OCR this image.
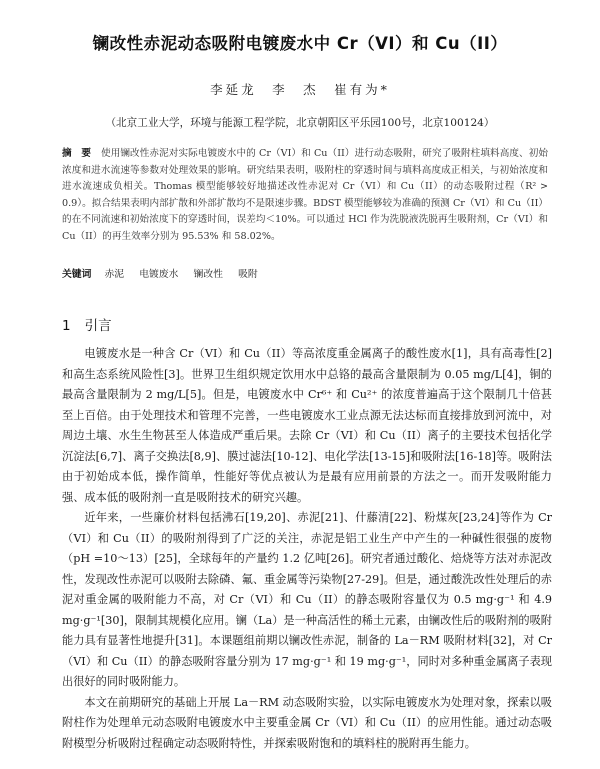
镧改性赤泥动态吸附电镀废水中 Cr（VI）和 Cu（II）
李延龙　李　杰　崔有为*
（北京工业大学，环境与能源工程学院，北京朝阳区平乐园100号，北京100124）
摘　要 使用镧改性赤泥对实际电镀废水中的 Cr（VI）和 Cu（II）进行动态吸附，研究了吸附柱填料高度、初始浓度和进水流速等参数对处理效果的影响。研究结果表明，吸附柱的穿透时间与填料高度成正相关，与初始浓度和进水流速成负相关。Thomas 模型能够较好地描述改性赤泥对 Cr（VI）和 Cu（II）的动态吸附过程（R² > 0.9）。拟合结果表明内部扩散和外部扩散均不是限速步骤。BDST 模型能够较为准确的预测 Cr（VI）和 Cu（II）的在不同流速和初始浓度下的穿透时间，误差均＜10%。可以通过 HCl 作为洗脱液洗脱再生吸附剂，Cr（VI）和 Cu（II）的再生效率分别为 95.53% 和 58.02%。
关键词 赤泥 电镀废水 镧改性 吸附
1 引言

电镀废水是一种含 Cr（VI）和 Cu（II）等高浓度重金属离子的酸性废水[1]，具有高毒性[2]和高生态系统风险性[3]。世界卫生组织规定饮用水中总铬的最高含量限制为 0.05 mg/L[4]，铜的最高含量限制为 2 mg/L[5]。但是，电镀废水中 Cr⁶⁺ 和 Cu²⁺ 的浓度普遍高于这个限制几十倍甚至上百倍。由于处理技术和管理不完善，一些电镀废水工业点源无法达标而直接排放到河流中，对周边土壤、水生生物甚至人体造成严重后果。去除 Cr（VI）和 Cu（II）离子的主要技术包括化学沉淀法[6,7]、离子交换法[8,9]、膜过滤法[10-12]、电化学法[13-15]和吸附法[16-18]等。吸附法由于初始成本低，操作简单，性能好等优点被认为是最有应用前景的方法之一。而开发吸附能力强、成本低的吸附剂一直是吸附技术的研究兴趣。

近年来，一些廉价材料包括沸石[19,20]、赤泥[21]、什藤清[22]、粉煤灰[23,24]等作为 Cr（VI）和 Cu（II）的吸附剂得到了广泛的关注，赤泥是铝工业生产中产生的一种碱性很强的废物（pH =10～13）[25]，全球每年的产量约 1.2 亿吨[26]。研究者通过酸化、焙烧等方法对赤泥改性，发现改性赤泥可以吸附去除磷、氟、重金属等污染物[27-29]。但是，通过酸洗改性处理后的赤泥对重金属的吸附能力不高，对 Cr（VI）和 Cu（II）的静态吸附容量仅为 0.5 mg·g⁻¹ 和 4.9 mg·g⁻¹[30]，限制其规模化应用。镧（La）是一种高活性的稀土元素，由镧改性后的吸附剂的吸附能力具有显著性地提升[31]。本课题组前期以镧改性赤泥，制备的 La－RM 吸附材料[32]，对 Cr（VI）和 Cu（II）的静态吸附容量分别为 17 mg·g⁻¹ 和 19 mg·g⁻¹，同时对多种重金属离子表现出很好的同时吸附能力。

本文在前期研究的基础上开展 La－RM 动态吸附实验，以实际电镀废水为处理对象，探索以吸附柱作为处理单元动态吸附电镀废水中主要重金属 Cr（VI）和 Cu（II）的应用性能。通过动态吸附模型分析吸附过程确定动态吸附特性，并探索吸附饱和的填料柱的脱附再生能力。
